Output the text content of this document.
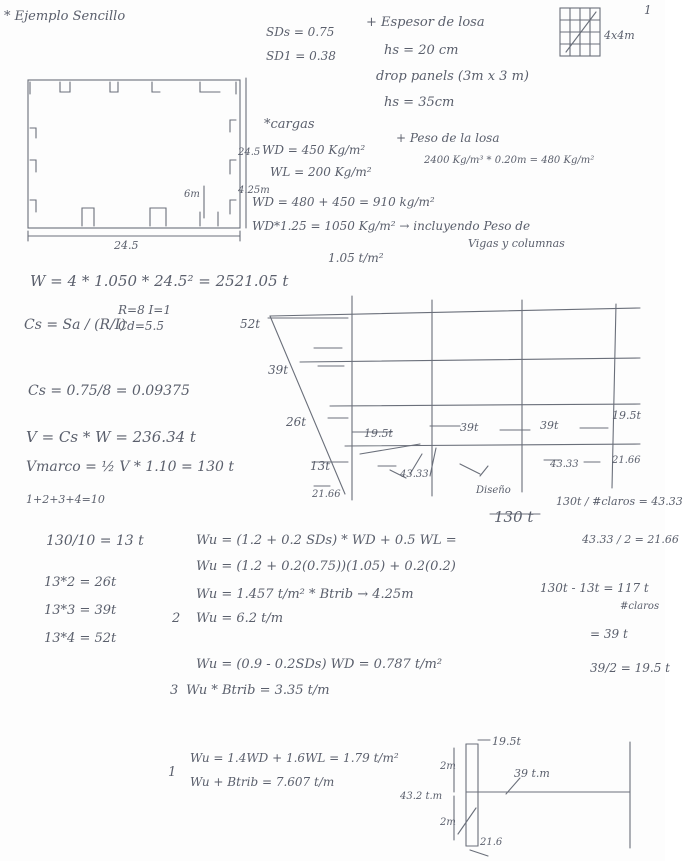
1
* Ejemplo Sencillo
SDs = 0.75
SD1 = 0.38
+ Espesor de losa
hs = 20 cm
drop panels (3m x 3 m)
hs = 35cm
4x4m
24.5
24.5
6m	4.25m
*cargas
WD = 450 Kg/m²
WL = 200 Kg/m²
+ Peso de la losa
2400 Kg/m³ * 0.20m = 480 Kg/m²
WD = 480 + 450 = 910 kg/m²
WD*1.25 = 1050 Kg/m² → incluyendo Peso de
Vigas y columnas
1.05 t/m²
W = 4 * 1.050 * 24.5² = 2521.05 t
Cs = Sa / (R/I)
R=8 I=1
Cd=5.5
Cs = 0.75/8 = 0.09375
V = Cs * W = 236.34 t
Vmarco = ½ V * 1.10 = 130 t
1+2+3+4=10
130/10 = 13 t
13*2 = 26t
13*3 = 39t
13*4 = 52t
52t
39t
26t
13t
21.66
19.5t	39t	39t
19.5t
43.33
43.33	21.66
130 t
Diseño
130t / #claros = 43.33
43.33 / 2 = 21.66
130t - 13t = 117 t
#claros
= 39 t
39/2 = 19.5 t
Wu = (1.2 + 0.2 SDs) * WD + 0.5 WL =
Wu = (1.2 + 0.2(0.75))(1.05) + 0.2(0.2)
Wu = 1.457 t/m² * Btrib → 4.25m
Wu = 6.2 t/m
2
Wu = (0.9 - 0.2SDs) WD = 0.787 t/m²
Wu * Btrib = 3.35 t/m
3
Wu = 1.4WD + 1.6WL = 1.79 t/m²
Wu + Btrib = 7.607 t/m
1
19.5t
39 t.m
43.2 t.m
2m
2m
21.6
